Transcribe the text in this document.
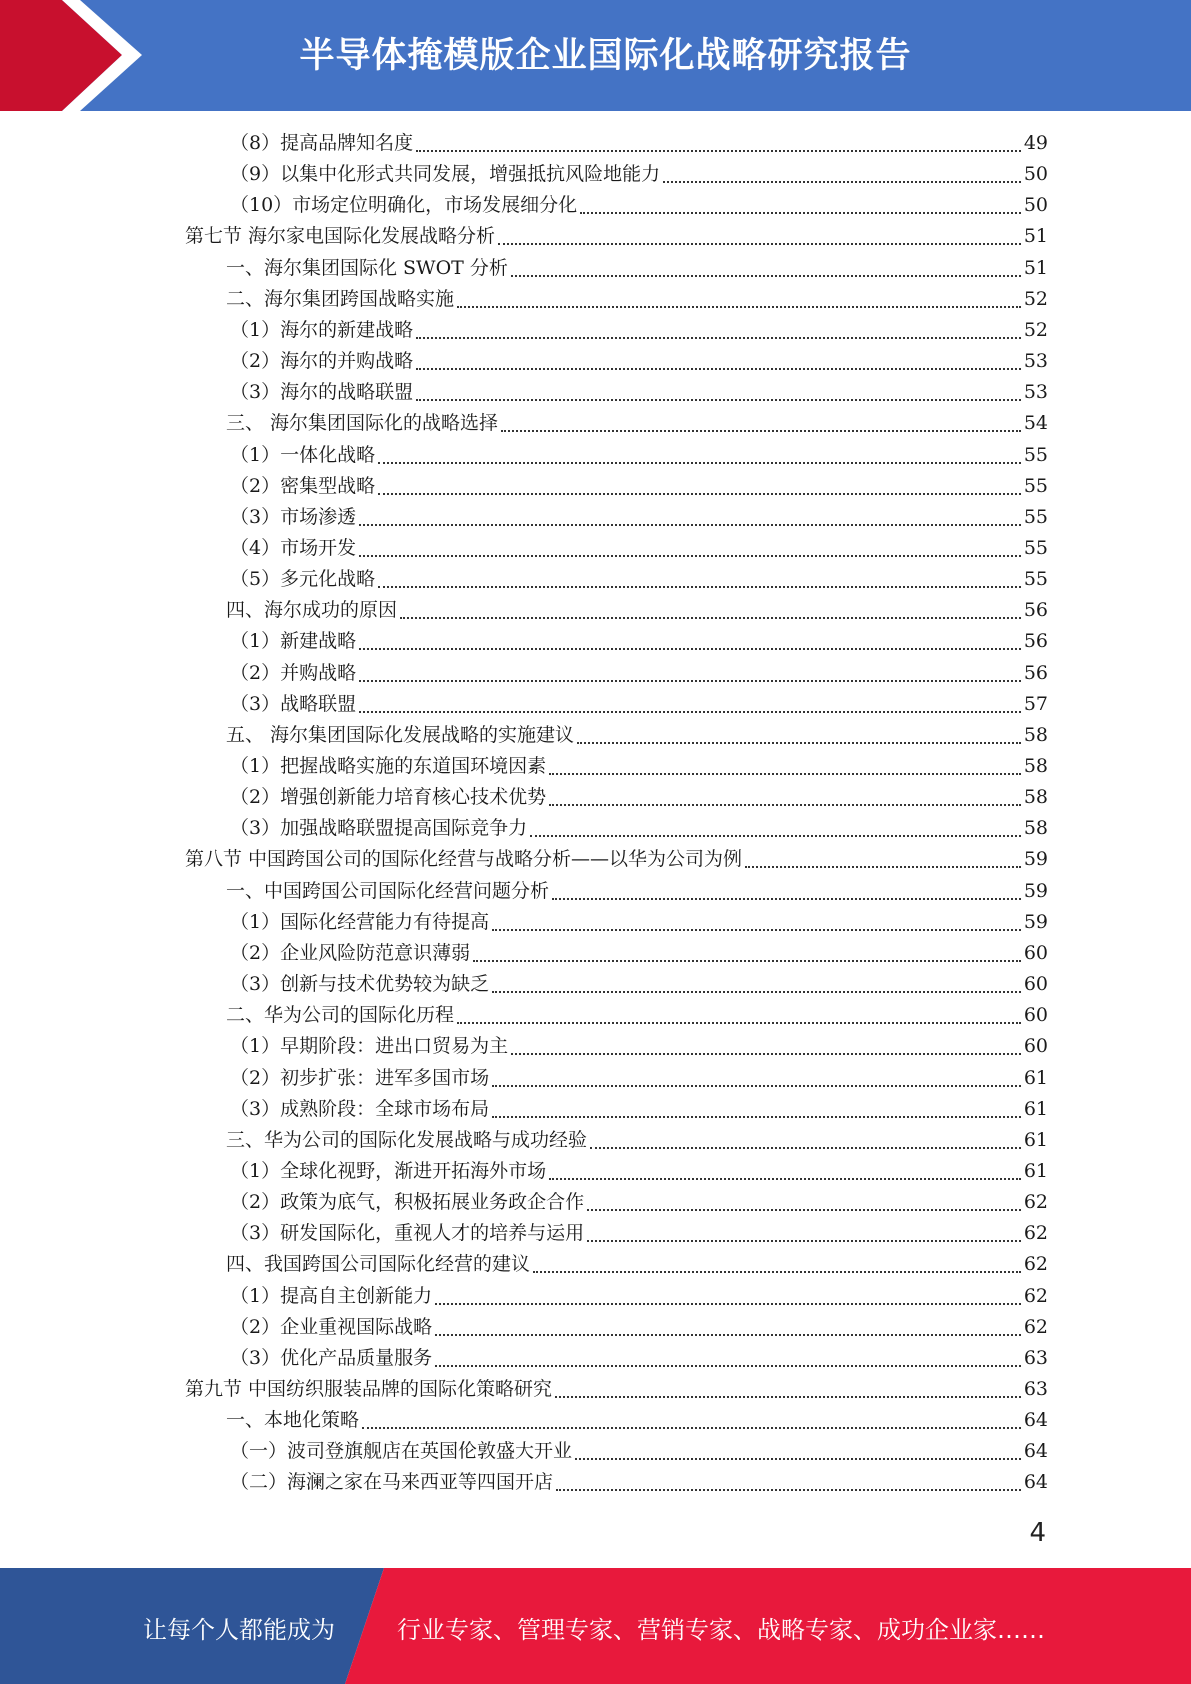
半导体掩模版企业国际化战略研究报告
（8）提高品牌知名度	49
（9）以集中化形式共同发展，增强抵抗风险地能力	50
（10）市场定位明确化，市场发展细分化	50
第七节 海尔家电国际化发展战略分析	51
一、海尔集团国际化 SWOT 分析	51
二、海尔集团跨国战略实施	52
（1）海尔的新建战略	52
（2）海尔的并购战略	53
（3）海尔的战略联盟	53
三、 海尔集团国际化的战略选择	54
（1）一体化战略	55
（2）密集型战略	55
（3）市场渗透	55
（4）市场开发	55
（5）多元化战略	55
四、海尔成功的原因	56
（1）新建战略	56
（2）并购战略	56
（3）战略联盟	57
五、 海尔集团国际化发展战略的实施建议	58
（1）把握战略实施的东道国环境因素	58
（2）增强创新能力培育核心技术优势	58
（3）加强战略联盟提高国际竞争力	58
第八节 中国跨国公司的国际化经营与战略分析——以华为公司为例	59
一、中国跨国公司国际化经营问题分析	59
（1）国际化经营能力有待提高	59
（2）企业风险防范意识薄弱	60
（3）创新与技术优势较为缺乏	60
二、华为公司的国际化历程	60
（1）早期阶段：进出口贸易为主	60
（2）初步扩张：进军多国市场	61
（3）成熟阶段：全球市场布局	61
三、华为公司的国际化发展战略与成功经验	61
（1）全球化视野，渐进开拓海外市场	61
（2）政策为底气，积极拓展业务政企合作	62
（3）研发国际化，重视人才的培养与运用	62
四、我国跨国公司国际化经营的建议	62
（1）提高自主创新能力	62
（2）企业重视国际战略	62
（3）优化产品质量服务	63
第九节 中国纺织服装品牌的国际化策略研究	63
一、本地化策略	64
（一）波司登旗舰店在英国伦敦盛大开业	64
（二）海澜之家在马来西亚等四国开店	64
4
让每个人都能成为	行业专家、管理专家、营销专家、战略专家、成功企业家……
